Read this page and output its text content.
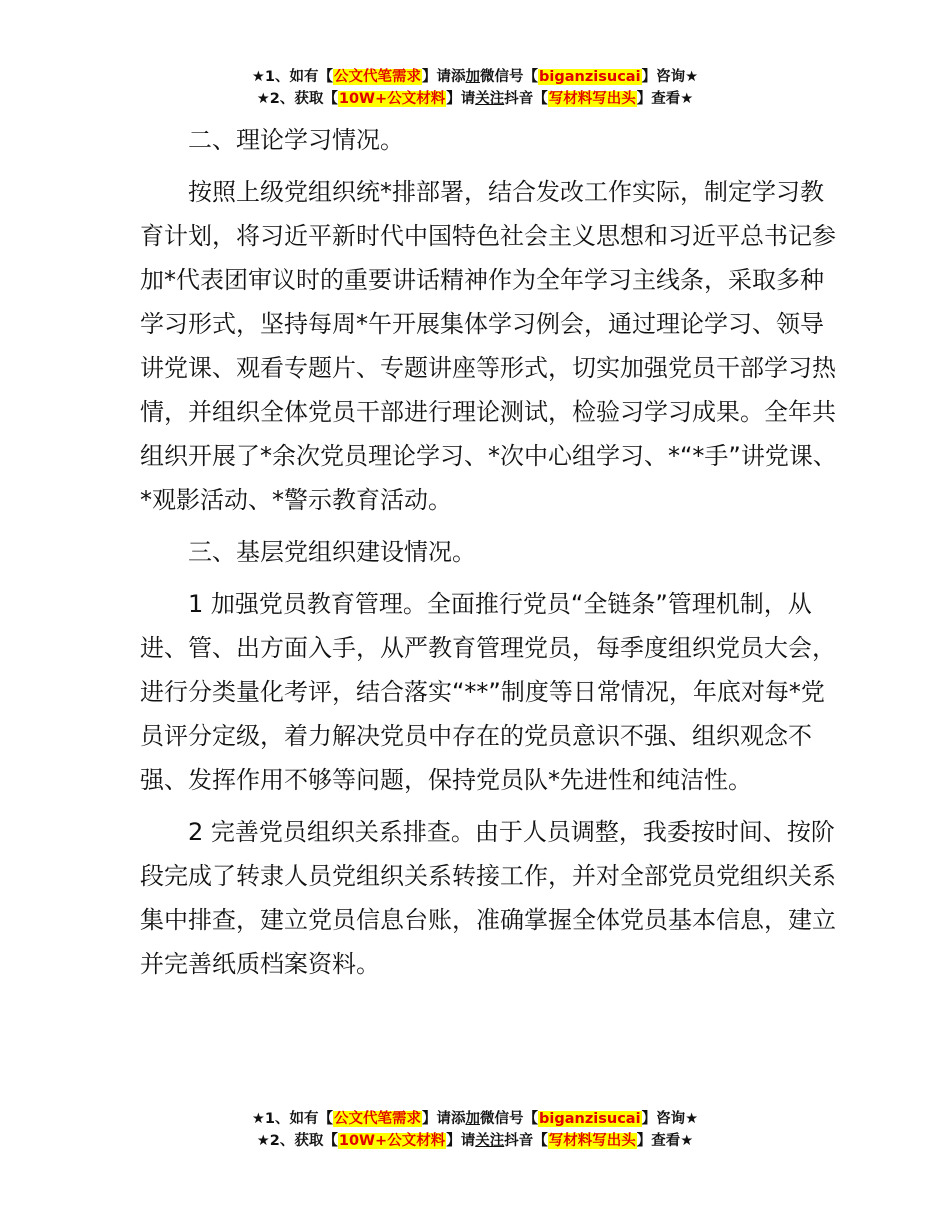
★1、如有【公文代笔需求】请添加微信号【biganzisucai】咨询★
★2、获取【10W+公文材料】请关注抖音【写材料写出头】查看★

二、理论学习情况。

按照上级党组织统*排部署，结合发改工作实际，制定学习教育计划，将习近平新时代中国特色社会主义思想和习近平总书记参加*代表团审议时的重要讲话精神作为全年学习主线条，采取多种学习形式，坚持每周*午开展集体学习例会，通过理论学习、领导讲党课、观看专题片、专题讲座等形式，切实加强党员干部学习热情，并组织全体党员干部进行理论测试，检验习学习成果。全年共组织开展了*余次党员理论学习、*次中心组学习、*“*手”讲党课、*观影活动、*警示教育活动。

三、基层党组织建设情况。

1 加强党员教育管理。全面推行党员“全链条”管理机制，从进、管、出方面入手，从严教育管理党员，每季度组织党员大会，进行分类量化考评，结合落实“**”制度等日常情况，年底对每*党员评分定级，着力解决党员中存在的党员意识不强、组织观念不强、发挥作用不够等问题，保持党员队*先进性和纯洁性。

2 完善党员组织关系排查。由于人员调整，我委按时间、按阶段完成了转隶人员党组织关系转接工作，并对全部党员党组织关系集中排查，建立党员信息台账，准确掌握全体党员基本信息，建立并完善纸质档案资料。

★1、如有【公文代笔需求】请添加微信号【biganzisucai】咨询★
★2、获取【10W+公文材料】请关注抖音【写材料写出头】查看★
